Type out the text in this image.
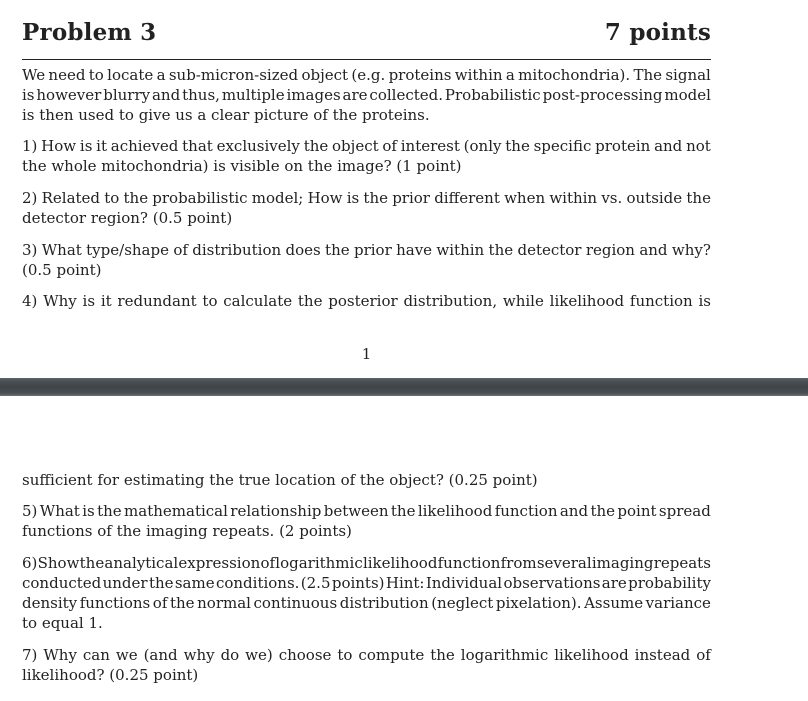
Problem 3	7 points
We need to locate a sub-micron-sized object (e.g. proteins within a mitochondria). The signal
is however blurry and thus, multiple images are collected. Probabilistic post-processing model
is then used to give us a clear picture of the proteins.
1) How is it achieved that exclusively the object of interest (only the specific protein and not
the whole mitochondria) is visible on the image? (1 point)
2) Related to the probabilistic model; How is the prior different when within vs. outside the
detector region? (0.5 point)
3) What type/shape of distribution does the prior have within the detector region and why?
(0.5 point)
4) Why is it redundant to calculate the posterior distribution, while likelihood function is
1
sufficient for estimating the true location of the object? (0.25 point)
5) What is the mathematical relationship between the likelihood function and the point spread
functions of the imaging repeats. (2 points)
6) Show the analytical expression of logarithmic likelihood function from several imaging repeats
conducted under the same conditions. (2.5 points) Hint: Individual observations are probability
density functions of the normal continuous distribution (neglect pixelation). Assume variance
to equal 1.
7) Why can we (and why do we) choose to compute the logarithmic likelihood instead of
likelihood? (0.25 point)
